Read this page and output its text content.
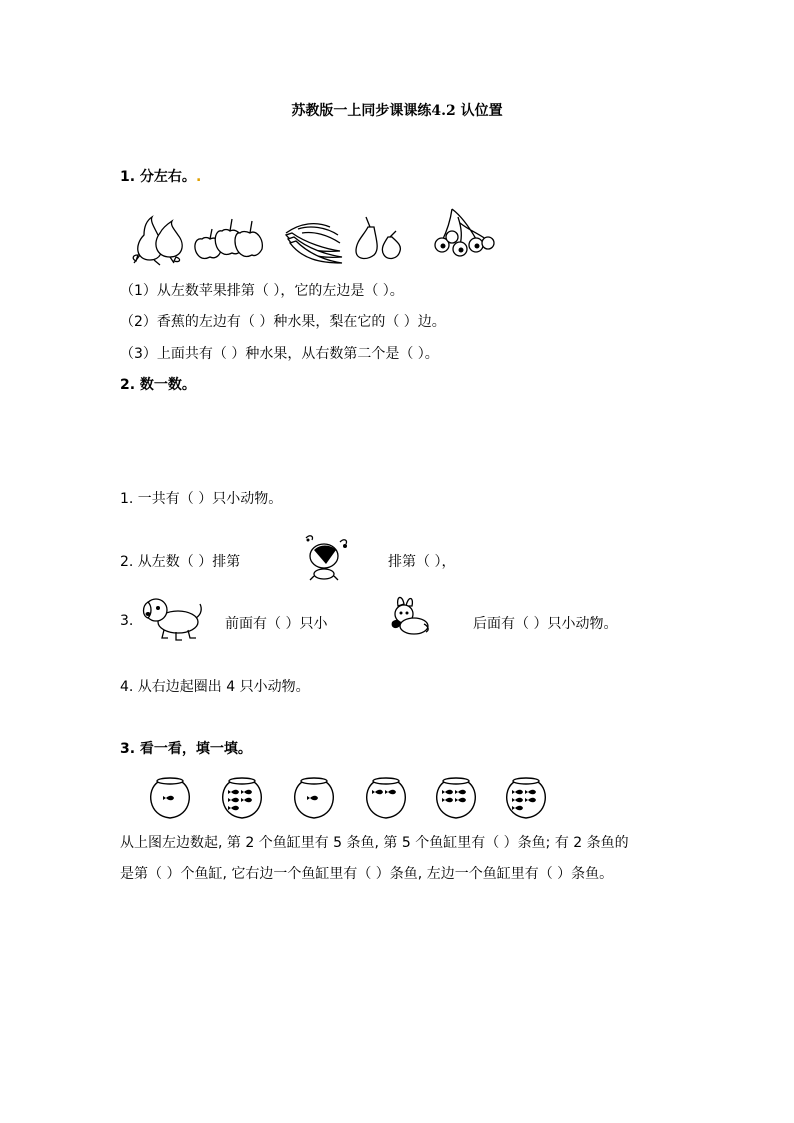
苏教版一上同步课课练4.2 认位置
1. 分左右。.
（1）从左数苹果排第（ ），它的左边是（ ）。
（2）香蕉的左边有（ ）种水果，梨在它的（ ）边。
（3）上面共有（ ）种水果，从右数第二个是（ ）。
2. 数一数。
1. 一共有（ ）只小动物。
2. 从左数（ ）排第	排第（ ），
3.	前面有（ ）只小	后面有（ ）只小动物。
4. 从右边起圈出 4 只小动物。
3. 看一看，填一填。
从上图左边数起, 第 2 个鱼缸里有 5 条鱼, 第 5 个鱼缸里有（ ）条鱼; 有 2 条鱼的
是第（ ）个鱼缸, 它右边一个鱼缸里有（ ）条鱼, 左边一个鱼缸里有（ ）条鱼。
